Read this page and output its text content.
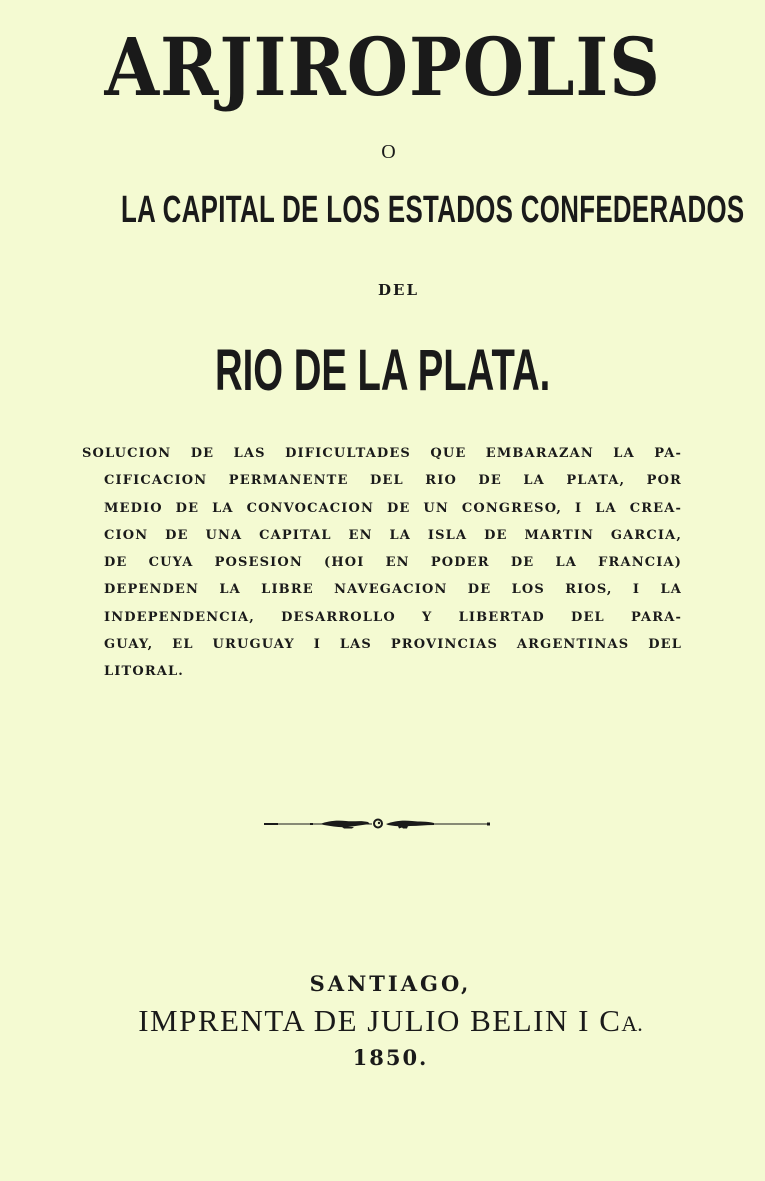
ARJIROPOLIS
O
LA CAPITAL DE LOS ESTADOS CONFEDERADOS
DEL
RIO DE LA PLATA.
SOLUCION DE LAS DIFICULTADES QUE EMBARAZAN LA PA-
CIFICACION PERMANENTE DEL RIO DE LA PLATA, POR
MEDIO DE LA CONVOCACION DE UN CONGRESO, I LA CREA-
CION DE UNA CAPITAL EN LA ISLA DE MARTIN GARCIA,
DE CUYA POSESION (HOI EN PODER DE LA FRANCIA)
DEPENDEN LA LIBRE NAVEGACION DE LOS RIOS, I LA
INDEPENDENCIA, DESARROLLO Y LIBERTAD DEL PARA-
GUAY, EL URUGUAY I LAS PROVINCIAS ARGENTINAS DEL
LITORAL.
SANTIAGO,
IMPRENTA DE JULIO BELIN I CA.
1850.
